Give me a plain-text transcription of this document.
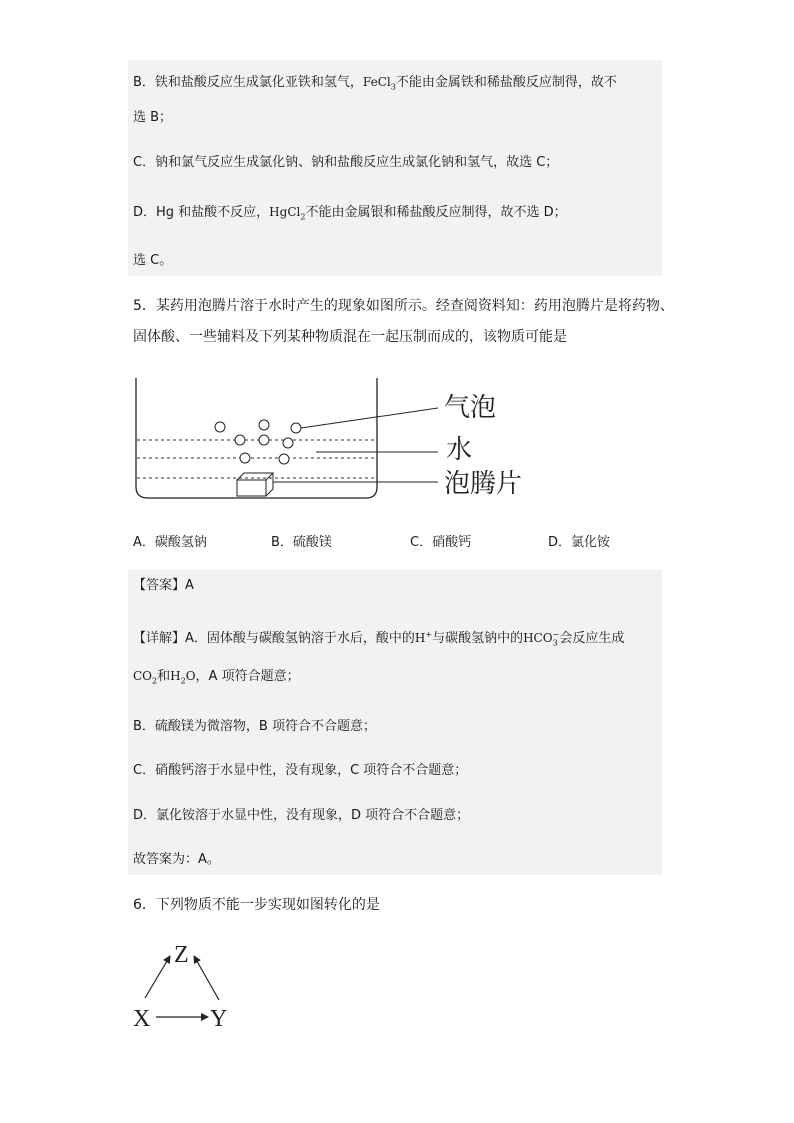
B．铁和盐酸反应生成氯化亚铁和氢气，FeCl$_3$不能由金属铁和稀盐酸反应制得，故不
选 B；
C．钠和氯气反应生成氯化钠、钠和盐酸反应生成氯化钠和氢气，故选 C；
D．Hg 和盐酸不反应，HgCl$_2$不能由金属银和稀盐酸反应制得，故不选 D；
选 C。
5．某药用泡腾片溶于水时产生的现象如图所示。经查阅资料知：药用泡腾片是将药物、
固体酸、一些辅料及下列某种物质混在一起压制而成的，该物质可能是
气泡
水
泡腾片
A．碳酸氢钠	B．硫酸镁	C．硝酸钙	D．氯化铵
【答案】A
【详解】A．固体酸与碳酸氢钠溶于水后，酸中的H+与碳酸氢钠中的$HCO_3^-$会反应生成
$CO_2$和$H_2O$，A 项符合题意；
B．硫酸镁为微溶物，B 项符合不合题意；
C．硝酸钙溶于水显中性，没有现象，C 项符合不合题意；
D．氯化铵溶于水显中性，没有现象，D 项符合不合题意；
故答案为：A。
6．下列物质不能一步实现如图转化的是
Z
X Y
